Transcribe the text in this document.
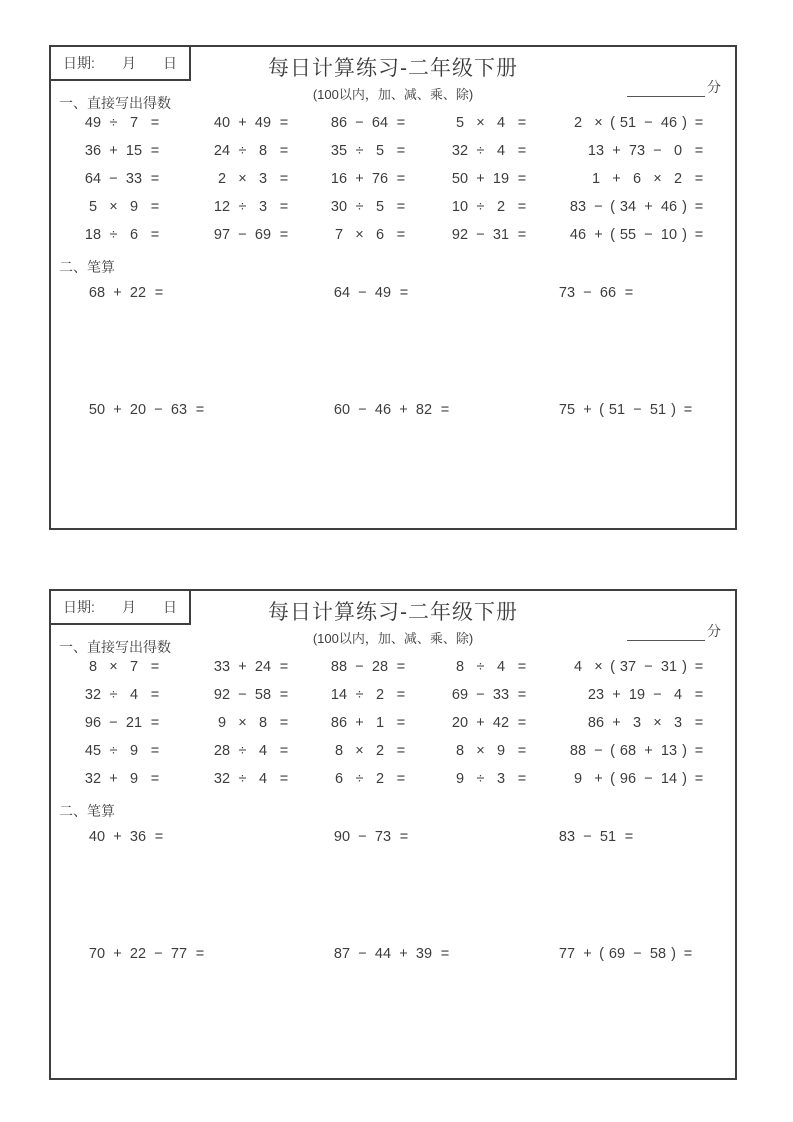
日期: 月 日	每日计算练习-二年级下册
(100以内，加、减、乘、除)	分
一、直接写出得数
49 ÷ 7 =	40 + 49 =	86 − 64 =	5 × 4 =	2 × ( 51 − 46 ) =
36 + 15 =	24 ÷ 8 =	35 ÷ 5 =	32 ÷ 4 =	13 + 73 − 0 =
64 − 33 =	2 × 3 =	16 + 76 =	50 + 19 =	1 + 6 × 2 =
5 × 9 =	12 ÷ 3 =	30 ÷ 5 =	10 ÷ 2 =	83 − ( 34 + 46 ) =
18 ÷ 6 =	97 − 69 =	7 × 6 =	92 − 31 =	46 + ( 55 − 10 ) =
二、笔算
68 + 22 =	64 − 49 =	73 − 66 =
50 + 20 − 63 =	60 − 46 + 82 =	75 + ( 51 − 51 ) =
日期: 月 日	每日计算练习-二年级下册
(100以内，加、减、乘、除)	分
一、直接写出得数
8 × 7 =	33 + 24 =	88 − 28 =	8 ÷ 4 =	4 × ( 37 − 31 ) =
32 ÷ 4 =	92 − 58 =	14 ÷ 2 =	69 − 33 =	23 + 19 − 4 =
96 − 21 =	9 × 8 =	86 + 1 =	20 + 42 =	86 + 3 × 3 =
45 ÷ 9 =	28 ÷ 4 =	8 × 2 =	8 × 9 =	88 − ( 68 + 13 ) =
32 + 9 =	32 ÷ 4 =	6 ÷ 2 =	9 ÷ 3 =	9 + ( 96 − 14 ) =
二、笔算
40 + 36 =	90 − 73 =	83 − 51 =
70 + 22 − 77 =	87 − 44 + 39 =	77 + ( 69 − 58 ) =
